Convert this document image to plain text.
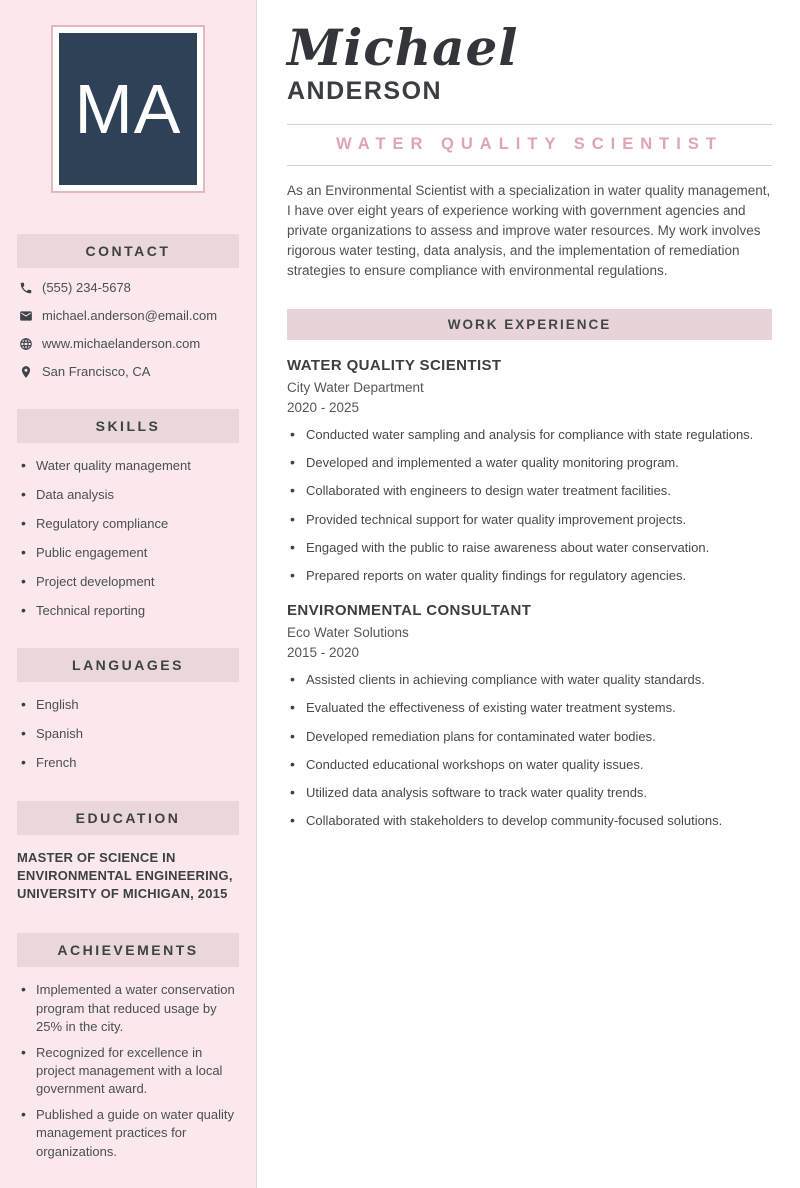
MA
CONTACT
(555) 234-5678
michael.anderson@email.com
www.michaelanderson.com
San Francisco, CA
SKILLS
• Water quality management
• Data analysis
• Regulatory compliance
• Public engagement
• Project development
• Technical reporting
LANGUAGES
• English
• Spanish
• French
EDUCATION
MASTER OF SCIENCE IN ENVIRONMENTAL ENGINEERING, UNIVERSITY OF MICHIGAN, 2015
ACHIEVEMENTS
• Implemented a water conservation program that reduced usage by 25% in the city.
• Recognized for excellence in project management with a local government award.
• Published a guide on water quality management practices for organizations.
Michael
ANDERSON
WATER QUALITY SCIENTIST

As an Environmental Scientist with a specialization in water quality management, I have over eight years of experience working with government agencies and private organizations to assess and improve water resources. My work involves rigorous water testing, data analysis, and the implementation of remediation strategies to ensure compliance with environmental regulations.

WORK EXPERIENCE
WATER QUALITY SCIENTIST
City Water Department
2020 - 2025
• Conducted water sampling and analysis for compliance with state regulations.
• Developed and implemented a water quality monitoring program.
• Collaborated with engineers to design water treatment facilities.
• Provided technical support for water quality improvement projects.
• Engaged with the public to raise awareness about water conservation.
• Prepared reports on water quality findings for regulatory agencies.
ENVIRONMENTAL CONSULTANT
Eco Water Solutions
2015 - 2020
• Assisted clients in achieving compliance with water quality standards.
• Evaluated the effectiveness of existing water treatment systems.
• Developed remediation plans for contaminated water bodies.
• Conducted educational workshops on water quality issues.
• Utilized data analysis software to track water quality trends.
• Collaborated with stakeholders to develop community-focused solutions.
